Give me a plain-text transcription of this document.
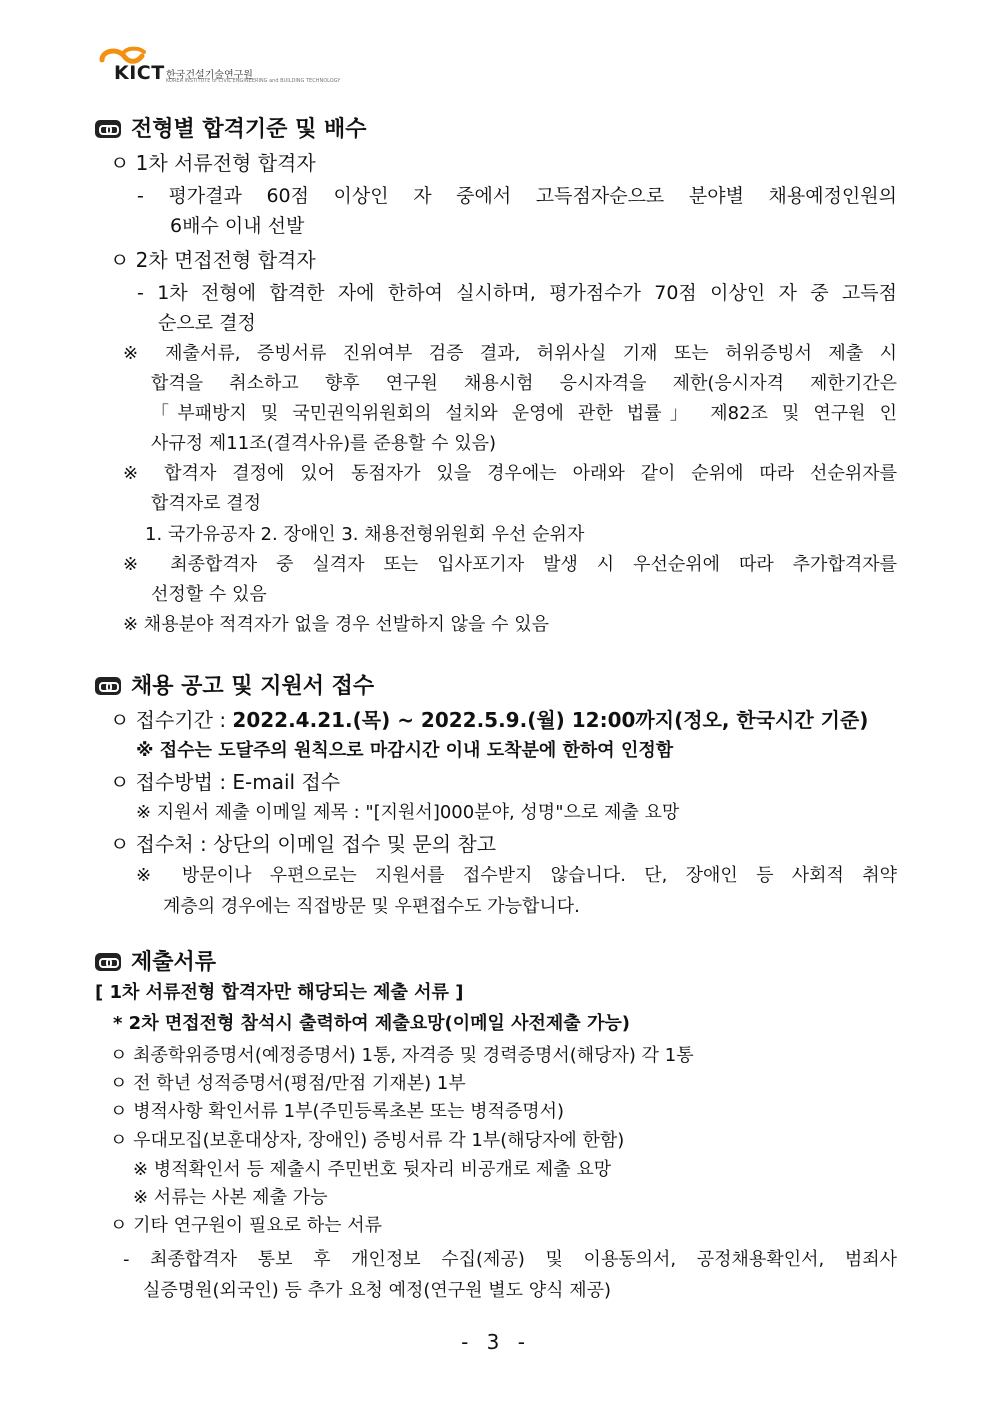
KICT 한국건설기술연구원
KOREA INSTITUTE of CIVIL ENGINEERING and BUILDING TECHNOLOGY
전형별 합격기준 및 배수
ㅇ 1차 서류전형 합격자
- 평가결과 60점 이상인 자 중에서 고득점자순으로 분야별 채용예정인원의
6배수 이내 선발
ㅇ 2차 면접전형 합격자
- 1차 전형에 합격한 자에 한하여 실시하며, 평가점수가 70점 이상인 자 중 고득점
순으로 결정
※ 제출서류, 증빙서류 진위여부 검증 결과, 허위사실 기재 또는 허위증빙서 제출 시
합격을 취소하고 향후 연구원 채용시험 응시자격을 제한(응시자격 제한기간은
「부패방지 및 국민권익위원회의 설치와 운영에 관한 법률」 제82조 및 연구원 인
사규정 제11조(결격사유)를 준용할 수 있음)
※ 합격자 결정에 있어 동점자가 있을 경우에는 아래와 같이 순위에 따라 선순위자를
합격자로 결정
1. 국가유공자 2. 장애인 3. 채용전형위원회 우선 순위자
※ 최종합격자 중 실격자 또는 입사포기자 발생 시 우선순위에 따라 추가합격자를
선정할 수 있음
※ 채용분야 적격자가 없을 경우 선발하지 않을 수 있음
채용 공고 및 지원서 접수
ㅇ 접수기간 : 2022.4.21.(목) ~ 2022.5.9.(월) 12:00까지(정오, 한국시간 기준)
※ 접수는 도달주의 원칙으로 마감시간 이내 도착분에 한하여 인정함
ㅇ 접수방법 : E-mail 접수
※ 지원서 제출 이메일 제목 : "[지원서]000분야, 성명"으로 제출 요망
ㅇ 접수처 : 상단의 이메일 접수 및 문의 참고
※ 방문이나 우편으로는 지원서를 접수받지 않습니다. 단, 장애인 등 사회적 취약
계층의 경우에는 직접방문 및 우편접수도 가능합니다.
제출서류
[ 1차 서류전형 합격자만 해당되는 제출 서류 ]
* 2차 면접전형 참석시 출력하여 제출요망(이메일 사전제출 가능)
ㅇ 최종학위증명서(예정증명서) 1통, 자격증 및 경력증명서(해당자) 각 1통
ㅇ 전 학년 성적증명서(평점/만점 기재본) 1부
ㅇ 병적사항 확인서류 1부(주민등록초본 또는 병적증명서)
ㅇ 우대모집(보훈대상자, 장애인) 증빙서류 각 1부(해당자에 한함)
※ 병적확인서 등 제출시 주민번호 뒷자리 비공개로 제출 요망
※ 서류는 사본 제출 가능
ㅇ 기타 연구원이 필요로 하는 서류
- 최종합격자 통보 후 개인정보 수집(제공) 및 이용동의서, 공정채용확인서, 범죄사
실증명원(외국인) 등 추가 요청 예정(연구원 별도 양식 제공)
- 3 -
